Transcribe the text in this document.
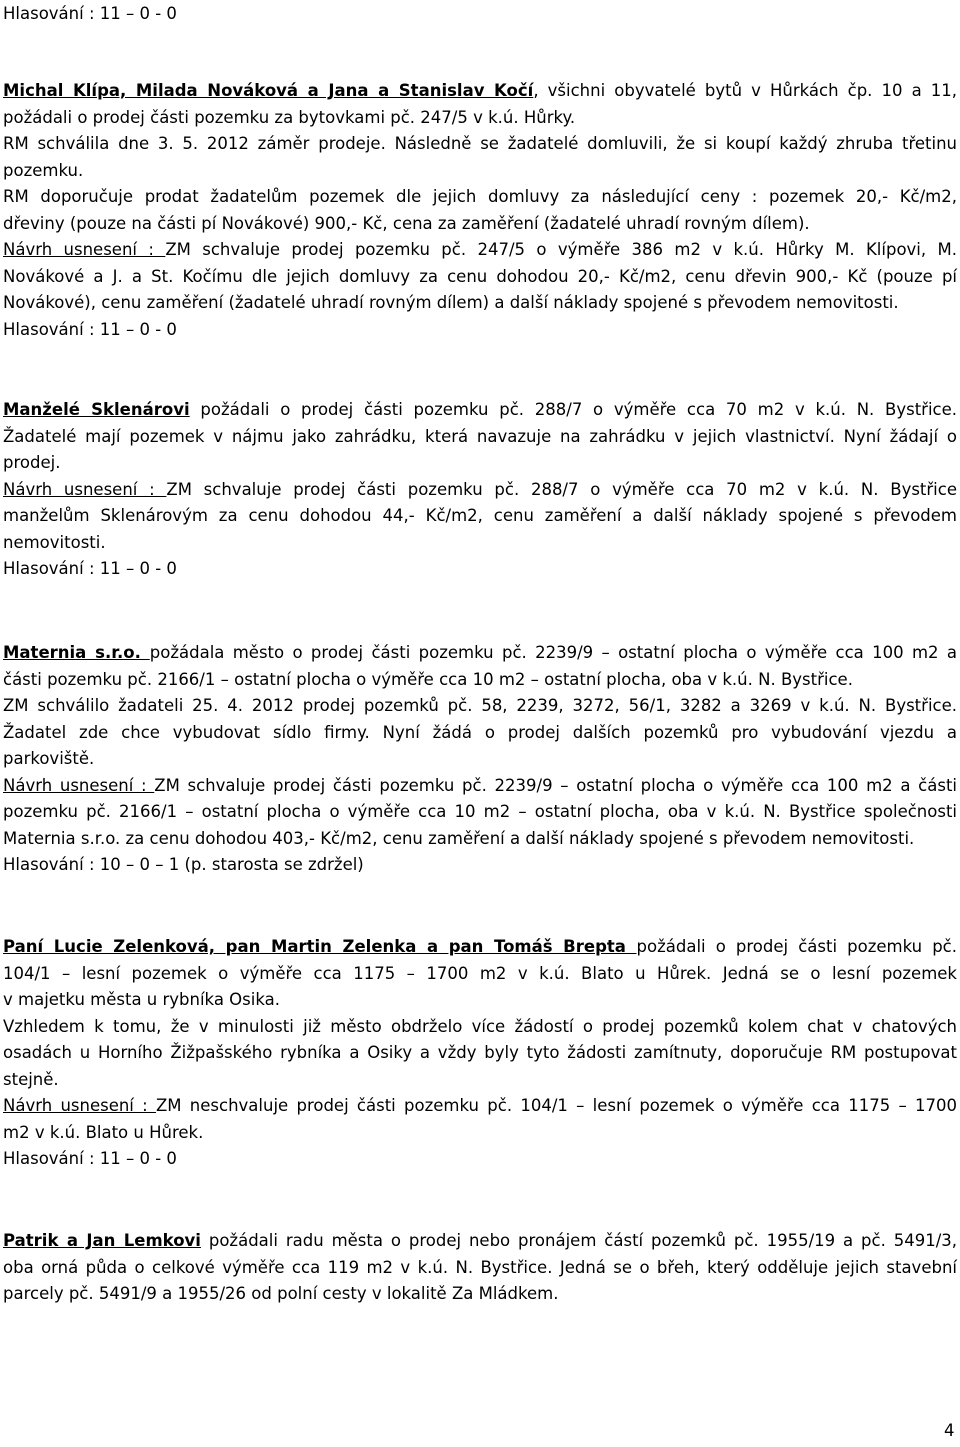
Hlasování : 11 – 0 - 0
Michal Klípa, Milada Nováková a Jana a Stanislav Kočí, všichni obyvatelé bytů v Hůrkách čp. 10 a 11,
požádali o prodej části pozemku za bytovkami pč. 247/5 v k.ú. Hůrky.
RM schválila dne 3. 5. 2012 záměr prodeje. Následně se žadatelé domluvili, že si koupí každý zhruba třetinu
pozemku.
RM doporučuje prodat žadatelům pozemek dle jejich domluvy za následující ceny : pozemek 20,- Kč/m2,
dřeviny (pouze na části pí Novákové) 900,- Kč, cena za zaměření (žadatelé uhradí rovným dílem).
Návrh usnesení : ZM schvaluje prodej pozemku pč. 247/5 o výměře 386 m2 v k.ú. Hůrky M. Klípovi, M.
Novákové a J. a St. Kočímu dle jejich domluvy za cenu dohodou 20,- Kč/m2, cenu dřevin 900,- Kč (pouze pí
Novákové), cenu zaměření (žadatelé uhradí rovným dílem) a další náklady spojené s převodem nemovitosti.
Hlasování : 11 – 0 - 0
Manželé Sklenárovi požádali o prodej části pozemku pč. 288/7 o výměře cca 70 m2 v k.ú. N. Bystřice.
Žadatelé mají pozemek v nájmu jako zahrádku, která navazuje na zahrádku v jejich vlastnictví. Nyní žádají o
prodej.
Návrh usnesení : ZM schvaluje prodej části pozemku pč. 288/7 o výměře cca 70 m2 v k.ú. N. Bystřice
manželům Sklenárovým za cenu dohodou 44,- Kč/m2, cenu zaměření a další náklady spojené s převodem
nemovitosti.
Hlasování : 11 – 0 - 0
Maternia s.r.o. požádala město o prodej části pozemku pč. 2239/9 – ostatní plocha o výměře cca 100 m2 a
části pozemku pč. 2166/1 – ostatní plocha o výměře cca 10 m2 – ostatní plocha, oba v k.ú. N. Bystřice.
ZM schválilo žadateli 25. 4. 2012 prodej pozemků pč. 58, 2239, 3272, 56/1, 3282 a 3269 v k.ú. N. Bystřice.
Žadatel zde chce vybudovat sídlo firmy. Nyní žádá o prodej dalších pozemků pro vybudování vjezdu a
parkoviště.
Návrh usnesení : ZM schvaluje prodej části pozemku pč. 2239/9 – ostatní plocha o výměře cca 100 m2 a části
pozemku pč. 2166/1 – ostatní plocha o výměře cca 10 m2 – ostatní plocha, oba v k.ú. N. Bystřice společnosti
Maternia s.r.o. za cenu dohodou 403,- Kč/m2, cenu zaměření a další náklady spojené s převodem nemovitosti.
Hlasování : 10 – 0 – 1 (p. starosta se zdržel)
Paní Lucie Zelenková, pan Martin Zelenka a pan Tomáš Brepta požádali o prodej části pozemku pč.
104/1 – lesní pozemek o výměře cca 1175 – 1700 m2 v k.ú. Blato u Hůrek. Jedná se o lesní pozemek
v majetku města u rybníka Osika.
Vzhledem k tomu, že v minulosti již město obdrželo více žádostí o prodej pozemků kolem chat v chatových
osadách u Horního Žižpašského rybníka a Osiky a vždy byly tyto žádosti zamítnuty, doporučuje RM postupovat
stejně.
Návrh usnesení : ZM neschvaluje prodej části pozemku pč. 104/1 – lesní pozemek o výměře cca 1175 – 1700
m2 v k.ú. Blato u Hůrek.
Hlasování : 11 – 0 - 0
Patrik a Jan Lemkovi požádali radu města o prodej nebo pronájem částí pozemků pč. 1955/19 a pč. 5491/3,
oba orná půda o celkové výměře cca 119 m2 v k.ú. N. Bystřice. Jedná se o břeh, který odděluje jejich stavební
parcely pč. 5491/9 a 1955/26 od polní cesty v lokalitě Za Mládkem.
4
